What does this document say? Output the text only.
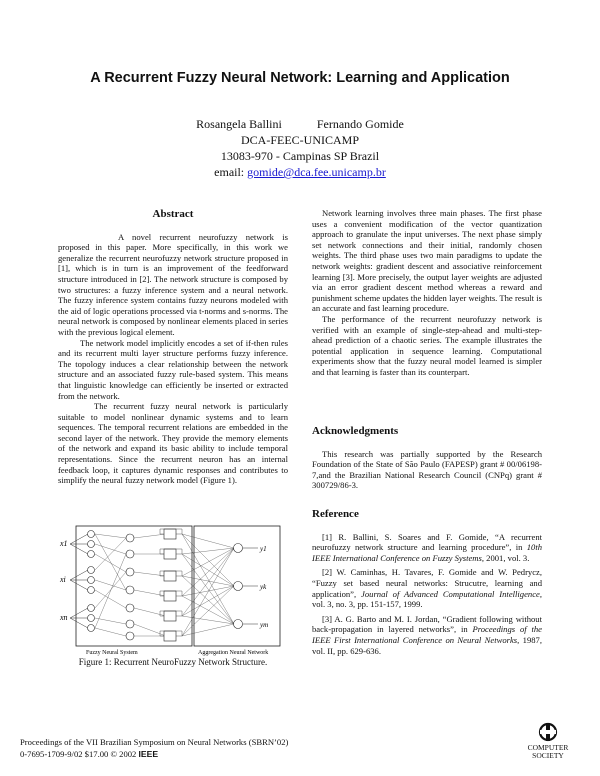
A Recurrent Fuzzy Neural Network: Learning and Application
Rosangela Ballini	Fernando Gomide
DCA-FEEC-UNICAMP
13083-970 - Campinas SP Brazil
email: gomide@dca.fee.unicamp.br
Abstract

A novel recurrent neurofuzzy network is proposed in this paper. More specifically, in this work we generalize the recurrent neurofuzzy network structure proposed in [1], which is in turn is an improvement of the feedforward structure introduced in [2]. The network structure is composed by two structures: a fuzzy inference system and a neural network. The fuzzy inference system contains fuzzy neurons modeled with the aid of logic operations processed via t-norms and s-norms. The neural network is composed by nonlinear elements placed in series with the previous logical element.

The network model implicitly encodes a set of if-then rules and its recurrent multi layer structure performs fuzzy inference. The topology induces a clear relationship between the network structure and an associated fuzzy rule-based system. This means that linguistic knowledge can efficiently be inserted or extracted from the network.

The recurrent fuzzy neural network is particularly suitable to model nonlinear dynamic systems and to learn sequences. The temporal recurrent relations are embedded in the second layer of the network. They provide the memory elements of the network and expand its basic ability to include temporal representations. Since the recurrent neuron has an internal feedback loop, it captures dynamic responses and contributes to simplify the neural fuzzy network model (Figure 1).

x1
xi
xn
y1
yk
ym
Fuzzy Neural System	Aggregation Neural Network
Figure 1: Recurrent NeuroFuzzy Network Structure.

Network learning involves three main phases. The first phase uses a convenient modification of the vector quantization approach to granulate the input universes. The next phase simply set network connections and their initial, randomly chosen weights. The third phase uses two main paradigms to update the network weights: gradient descent and associative reinforcement learning [3]. More precisely, the output layer weights are adjusted via an error gradient descent method whereas a reward and punishment scheme updates the hidden layer weights. The result is an accurate and fast learning procedure.

The performance of the recurrent neurofuzzy network is verified with an example of single-step-ahead and multi-step-ahead prediction of a chaotic series. The example illustrates the potential application in sequence learning. Computational experiments show that the fuzzy neural model learned is simpler and that learning is faster than its counterpart.

Acknowledgments

This research was partially supported by the Research Foundation of the State of São Paulo (FAPESP) grant # 00/06198-7,and the Brazilian National Research Council (CNPq) grant # 300729/86-3.

Reference

[1] R. Ballini, S. Soares and F. Gomide, “A recurrent neurofuzzy network structure and learning procedure”, in 10th IEEE International Conference on Fuzzy Systems, 2001, vol. 3.

[2] W. Caminhas, H. Tavares, F. Gomide and W. Pedrycz, “Fuzzy set based neural networks: Strucutre, learning and application”, Journal of Advanced Computational Intelligence, vol. 3, no. 3, pp. 151-157, 1999.

[3] A. G. Barto and M. I. Jordan, “Gradient following without back-propagation in layered networks”, in Proceedings of the IEEE First International Conference on Neural Networks, 1987, vol. II, pp. 629-636.

Proceedings of the VII Brazilian Symposium on Neural Networks (SBRN’02)
0-7695-1709-9/02 $17.00 © 2002 IEEE
COMPUTER
SOCIETY
